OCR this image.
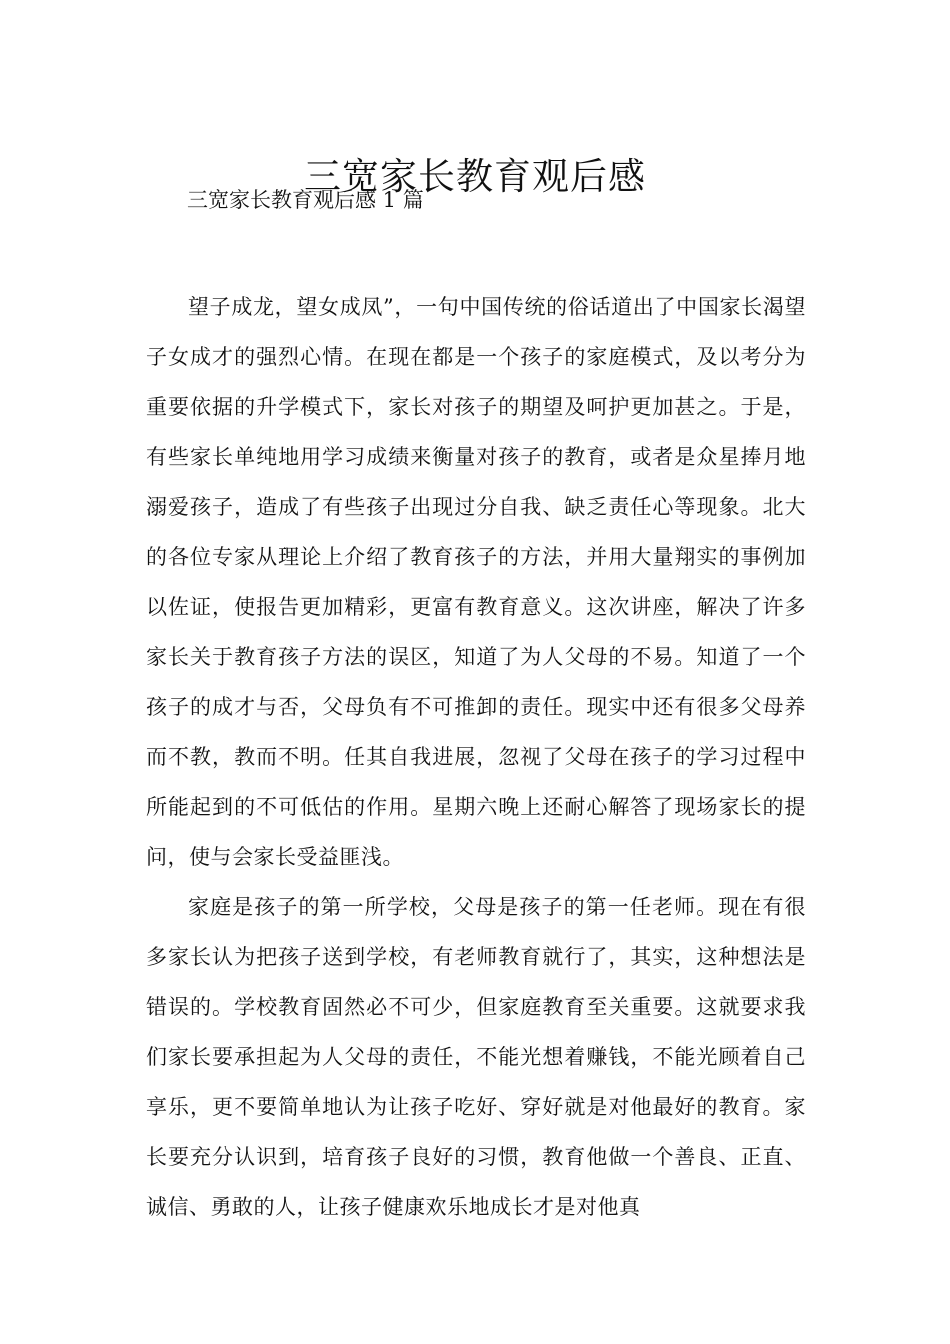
三宽家长教育观后感
三宽家长教育观后感 1 篇

望子成龙，望女成凤”，一句中国传统的俗话道出了中国家长渴望子女成才的强烈心情。在现在都是一个孩子的家庭模式，及以考分为重要依据的升学模式下，家长对孩子的期望及呵护更加甚之。于是，有些家长单纯地用学习成绩来衡量对孩子的教育，或者是众星捧月地溺爱孩子，造成了有些孩子出现过分自我、缺乏责任心等现象。北大的各位专家从理论上介绍了教育孩子的方法，并用大量翔实的事例加以佐证，使报告更加精彩，更富有教育意义。这次讲座，解决了许多家长关于教育孩子方法的误区，知道了为人父母的不易。知道了一个孩子的成才与否，父母负有不可推卸的责任。现实中还有很多父母养而不教，教而不明。任其自我进展，忽视了父母在孩子的学习过程中所能起到的不可低估的作用。星期六晚上还耐心解答了现场家长的提问，使与会家长受益匪浅。

家庭是孩子的第一所学校，父母是孩子的第一任老师。现在有很多家长认为把孩子送到学校，有老师教育就行了，其实，这种想法是错误的。学校教育固然必不可少，但家庭教育至关重要。这就要求我们家长要承担起为人父母的责任，不能光想着赚钱，不能光顾着自己享乐，更不要简单地认为让孩子吃好、穿好就是对他最好的教育。家长要充分认识到，培育孩子良好的习惯，教育他做一个善良、正直、诚信、勇敢的人，让孩子健康欢乐地成长才是对他真
